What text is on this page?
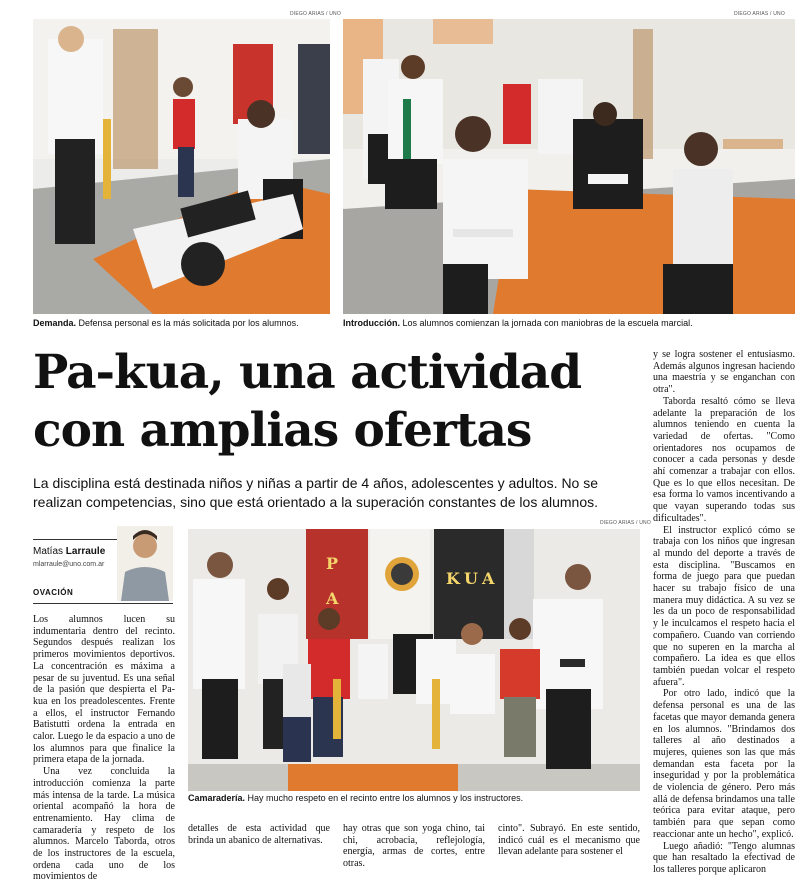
DIEGO ARIAS / UNO
Demanda. Defensa personal es la más solicitada por los alumnos.
DIEGO ARIAS / UNO
Introducción. Los alumnos comienzan la jornada con maniobras de la escuela marcial.
Pa-kua, una actividad con amplias ofertas
La disciplina está destinada niños y niñas a partir de 4 años, adolescentes y adultos. No se realizan competencias, sino que está orientado a la superación constantes de los alumnos.
Matías Larraule
mlarraule@uno.com.ar
OVACIÓN

Los alumnos lucen su indumentaria dentro del recinto. Segundos después realizan los primeros movimientos deportivos. La concentración es máxima a pesar de su juventud. Es una señal de la pasión que despierta el Pa-kua en los preadolescentes. Frente a ellos, el instructor Fernando Batistutti ordena la entrada en calor. Luego le da espacio a uno de los alumnos para que finalice la primera etapa de la jornada.

Una vez concluida la introducción comienza la parte más intensa de la tarde. La música oriental acompañó la hora de entrenamiento. Hay clima de camaradería y respeto de los alumnos. Marcelo Taborda, otros de los instructores de la escuela, ordena cada uno de los movimientos de

DIEGO ARIAS / UNO
P
A
K U A
Camaradería. Hay mucho respeto en el recinto entre los alumnos y los instructores.

detalles de esta actividad que brinda un abanico de alternativas.

hay otras que son yoga chino, tai chi, acrobacia, reflejología, energía, armas de cortes, entre otras.

cinto". Subrayó. En este sentido, indicó cuál es el mecanismo que llevan adelante para sostener el

y se logra sostener el entusiasmo. Además algunos ingresan haciendo una maestría y se enganchan con otra".

Taborda resaltó cómo se lleva adelante la preparación de los alumnos teniendo en cuenta la variedad de ofertas. "Como orientadores nos ocupamos de conocer a cada personas y desde ahí comenzar a trabajar con ellos. Que es lo que ellos necesitan. De esa forma lo vamos incentivando a que vayan superando todas sus dificultades".

El instructor explicó cómo se trabaja con los niños que ingresan al mundo del deporte a través de esta disciplina. "Buscamos en forma de juego para que puedan hacer su trabajo físico de una manera muy didáctica. A su vez se les da un poco de responsabilidad y le inculcamos el respeto hacia el compañero. Cuando van corriendo que no superen en la marcha al compañero. La idea es que ellos también puedan volcar el respeto afuera".

Por otro lado, indicó que la defensa personal es una de las facetas que mayor demanda genera en los alumnos. "Brindamos dos talleres al año destinados a mujeres, quienes son las que más demandan esta faceta por la inseguridad y por la problemática de violencia de género. Pero más allá de defensa brindamos una talle teórica para evitar ataque, pero también para que sepan como reaccionar ante un hecho", explicó.

Luego añadió: "Tengo alumnas que han resaltado la efectivad de los talleres porque aplicaron
